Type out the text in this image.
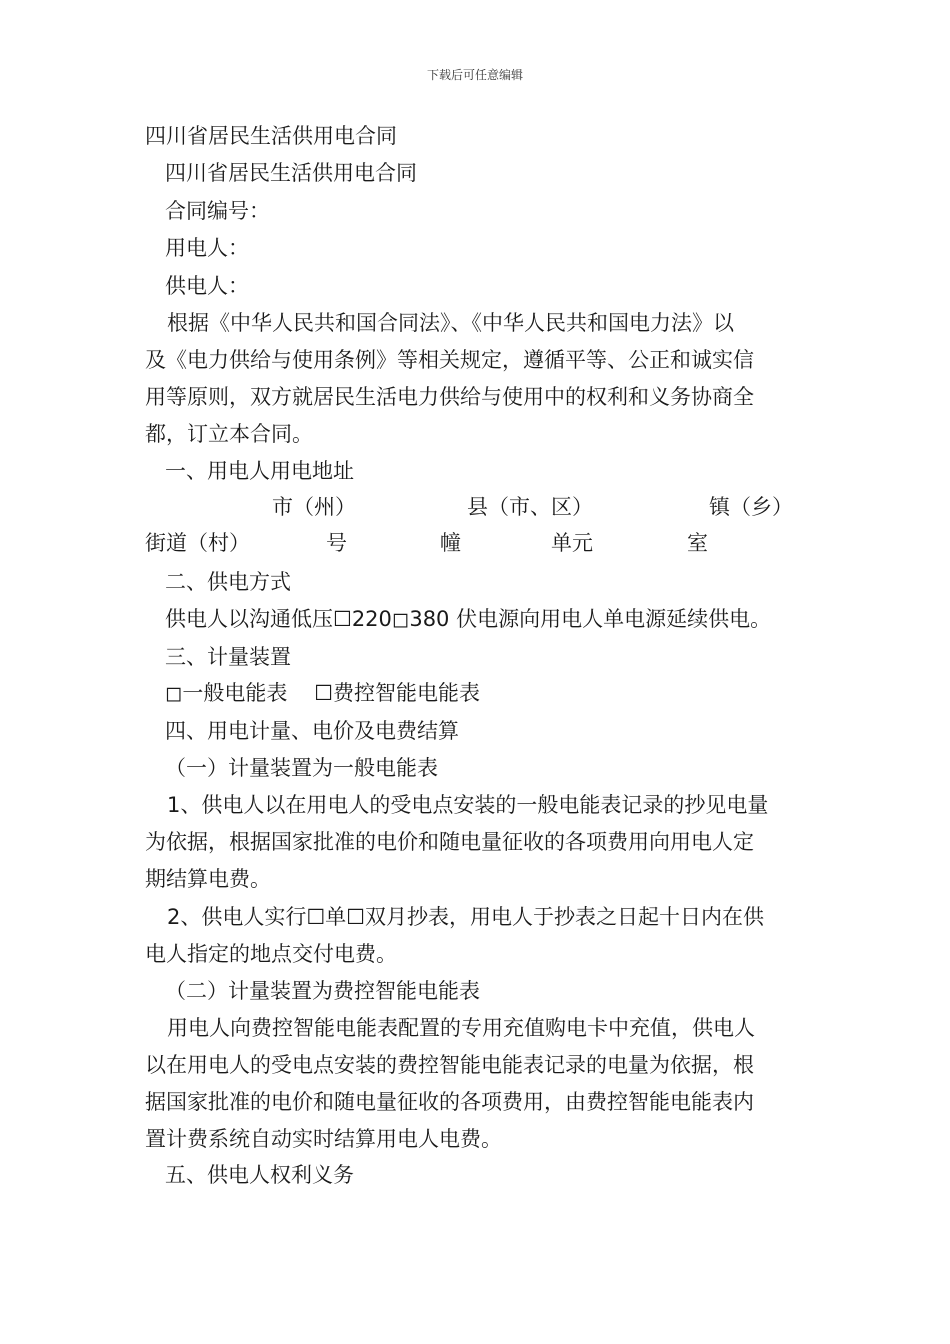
下载后可任意编辑
四川省居民生活供用电合同
四川省居民生活供用电合同
合同编号：
用电人：
供电人：
根据《中华人民共和国合同法》、《中华人民共和国电力法》以
及《电力供给与使用条例》等相关规定，遵循平等、公正和诚实信
用等原则，双方就居民生活电力供给与使用中的权利和义务协商全
都，订立本合同。
一、用电人用电地址
市（州）	县（市、区）	镇（乡）
街道（村）	号	幢	单元	室
二、供电方式
供电人以沟通低压☐220◻380 伏电源向用电人单电源延续供电。
三、计量装置
◻一般电能表    ☐费控智能电能表
四、用电计量、电价及电费结算
（一）计量装置为一般电能表
1、供电人以在用电人的受电点安装的一般电能表记录的抄见电量
为依据，根据国家批准的电价和随电量征收的各项费用向用电人定
期结算电费。
2、供电人实行☐单☐双月抄表，用电人于抄表之日起十日内在供
电人指定的地点交付电费。
（二）计量装置为费控智能电能表
用电人向费控智能电能表配置的专用充值购电卡中充值，供电人
以在用电人的受电点安装的费控智能电能表记录的电量为依据，根
据国家批准的电价和随电量征收的各项费用，由费控智能电能表内
置计费系统自动实时结算用电人电费。
五、供电人权利义务
